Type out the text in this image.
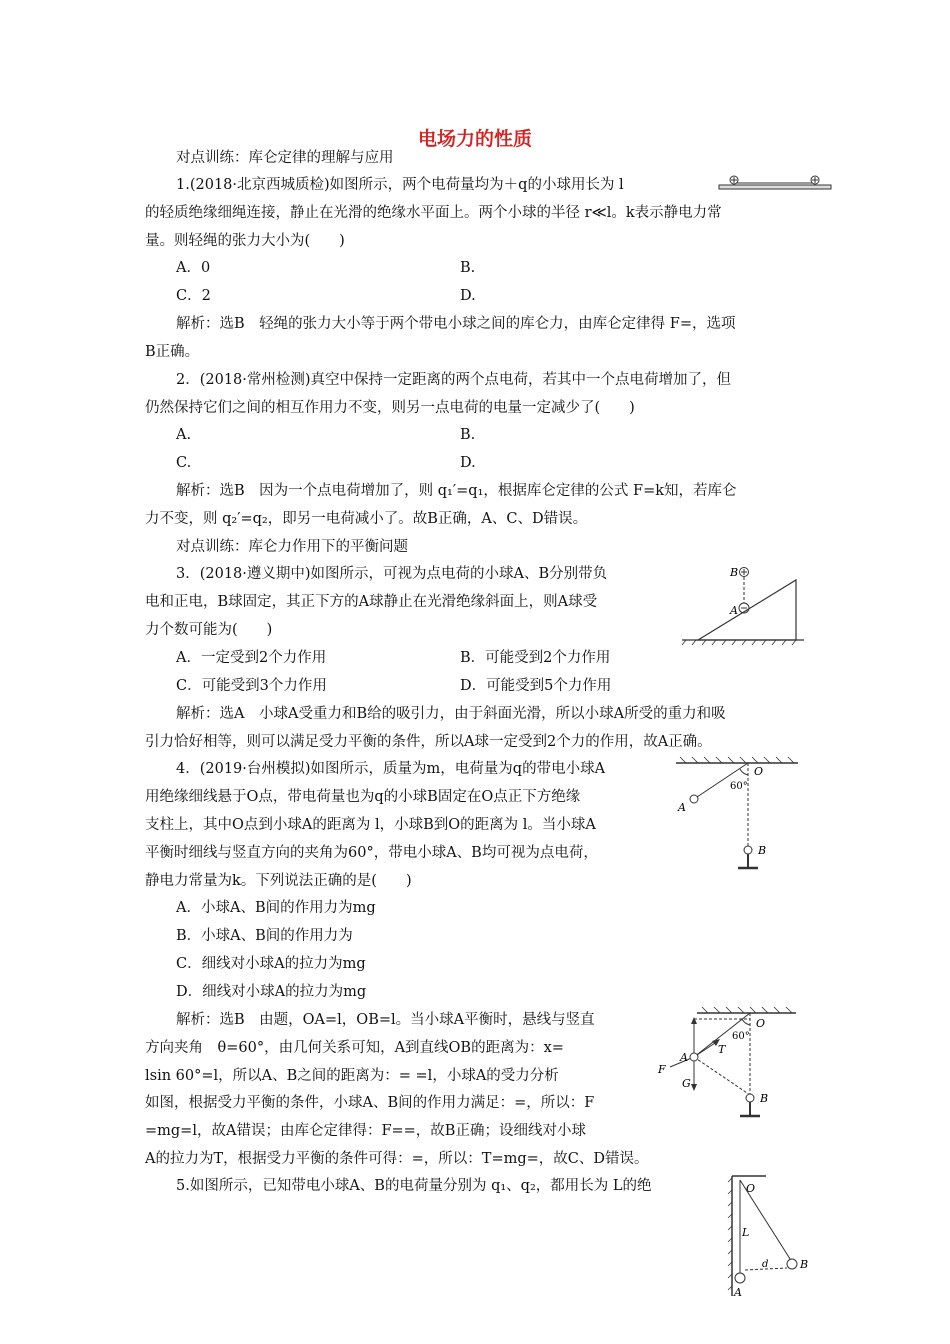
电场力的性质
对点训练：库仑定律的理解与应用
1.(2018·北京西城质检)如图所示，两个电荷量均为＋q的小球用长为 l
的轻质绝缘细绳连接，静止在光滑的绝缘水平面上。两个小球的半径 r≪l。k表示静电力常
量。则轻绳的张力大小为(　　)
A．0	B.
C．2	D.
解析：选B　轻绳的张力大小等于两个带电小球之间的库仑力，由库仑定律得 F=，选项
B正确。
2．(2018·常州检测)真空中保持一定距离的两个点电荷，若其中一个点电荷增加了，但
仍然保持它们之间的相互作用力不变，则另一点电荷的电量一定减少了(　　)
A.	B.
C.	D.
解析：选B　因为一个点电荷增加了，则 q₁′=q₁，根据库仑定律的公式 F=k知，若库仑
力不变，则 q₂′=q₂，即另一电荷减小了。故B正确，A、C、D错误。
对点训练：库仑力作用下的平衡问题
3．(2018·遵义期中)如图所示，可视为点电荷的小球A、B分别带负
电和正电，B球固定，其正下方的A球静止在光滑绝缘斜面上，则A球受
力个数可能为(　　)
A．一定受到2个力作用	B．可能受到2个力作用
C．可能受到3个力作用	D．可能受到5个力作用
解析：选A　小球A受重力和B给的吸引力，由于斜面光滑，所以小球A所受的重力和吸
引力恰好相等，则可以满足受力平衡的条件，所以A球一定受到2个力的作用，故A正确。
B
A
4．(2019·台州模拟)如图所示，质量为m，电荷量为q的带电小球A
用绝缘细线悬于O点，带电荷量也为q的小球B固定在O点正下方绝缘
支柱上，其中O点到小球A的距离为 l，小球B到O的距离为 l。当小球A
平衡时细线与竖直方向的夹角为60°，带电小球A、B均可视为点电荷，
静电力常量为k。下列说法正确的是(　　)
A．小球A、B间的作用力为mg
B．小球A、B间的作用力为
C．细线对小球A的拉力为mg
D．细线对小球A的拉力为mg
解析：选B　由题，OA=l，OB=l。当小球A平衡时，悬线与竖直
方向夹角　θ=60°，由几何关系可知，A到直线OB的距离为：x=
lsin 60°=l，所以A、B之间的距离为：= =l，小球A的受力分析
如图，根据受力平衡的条件，小球A、B间的作用力满足：=，所以：F
=mg=l，故A错误；由库仑定律得：F==，故B正确；设细线对小球
A的拉力为T，根据受力平衡的条件可得：=，所以：T=mg=，故C、D错误。
O
60°
A
B
O
60°
F
T
G
A
B
5.如图所示，已知带电小球A、B的电荷量分别为 q₁、q₂，都用长为 L的绝	O
L
A
B
d
